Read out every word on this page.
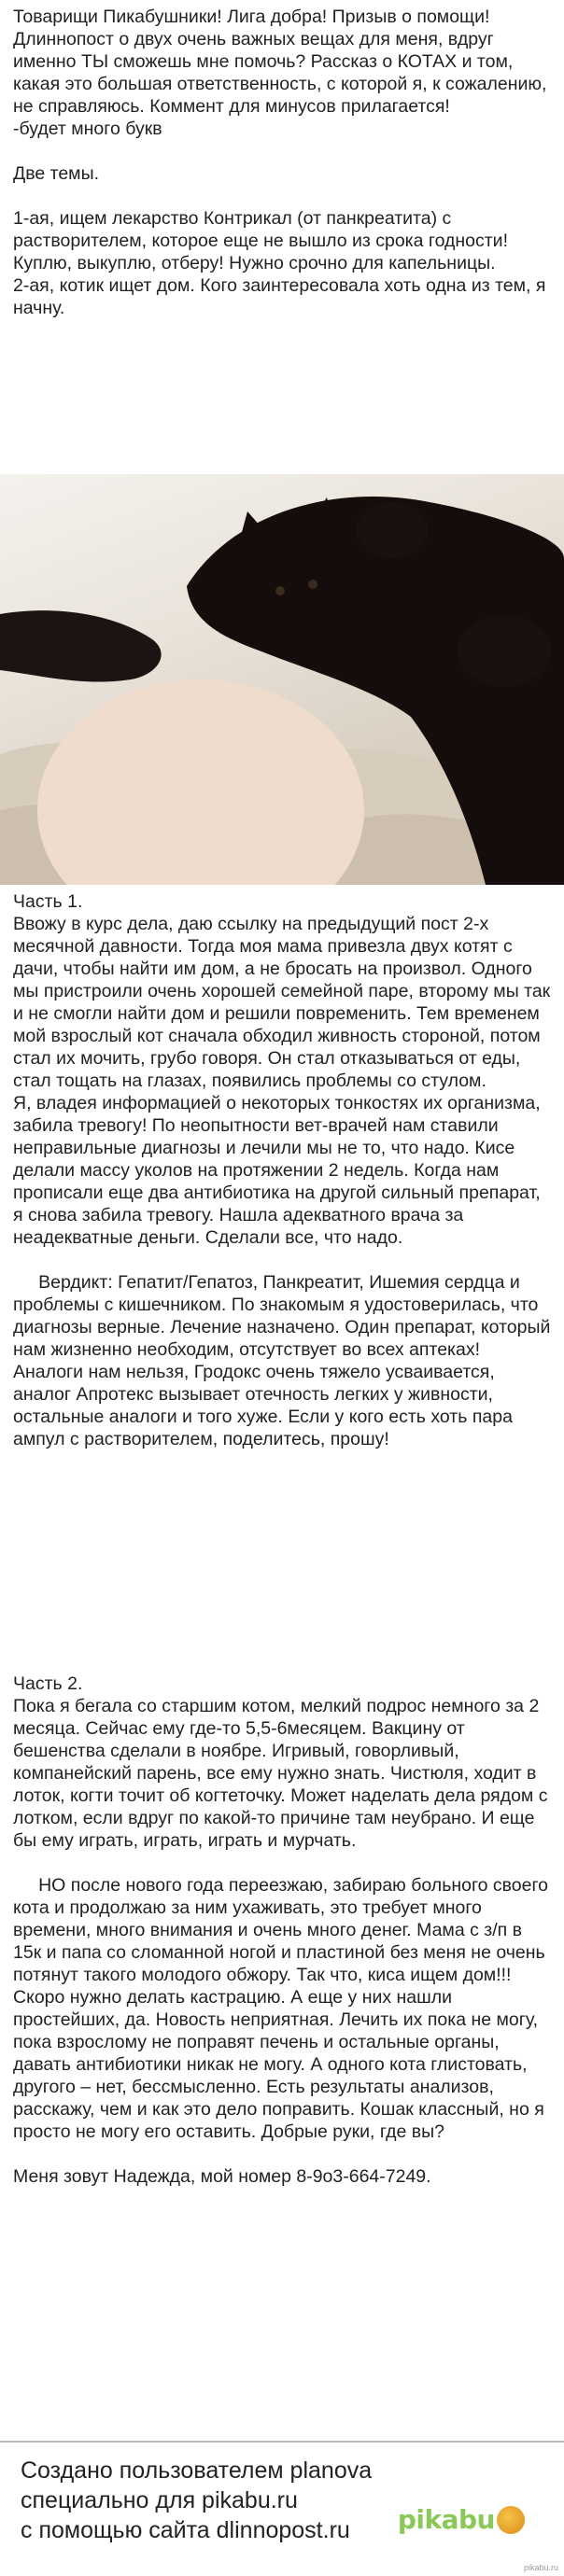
Товарищи Пикабушники! Лига добра! Призыв о помощи!
Длиннопост о двух очень важных вещах для меня, вдруг именно ТЫ сможешь мне помочь? Рассказ о КОТАХ и том, какая это большая ответственность, с которой я, к сожалению, не справляюсь. Коммент для минусов прилагается!
-будет много букв

Две темы.

1-ая, ищем лекарство Контрикал (от панкреатита) с растворителем, которое еще не вышло из срока годности! Куплю, выкуплю, отберу! Нужно срочно для капельницы.
2-ая, котик ищет дом. Кого заинтересовала хоть одна из тем, я начну.

Часть 1.
Ввожу в курс дела, даю ссылку на предыдущий пост 2-х месячной давности. Тогда моя мама привезла двух котят с дачи, чтобы найти им дом, а не бросать на произвол. Одного мы пристроили очень хорошей семейной паре, второму мы так и не смогли найти дом и решили повременить. Тем временем мой взрослый кот сначала обходил живность стороной, потом стал их мочить, грубо говоря. Он стал отказываться от еды, стал тощать на глазах, появились проблемы со стулом.
Я, владея информацией о некоторых тонкостях их организма, забила тревогу! По неопытности вет-врачей нам ставили неправильные диагнозы и лечили мы не то, что надо. Кисе делали массу уколов на протяжении 2 недель. Когда нам прописали еще два антибиотика на другой сильный препарат, я снова забила тревогу. Нашла адекватного врача за неадекватные деньги. Сделали все, что надо.

Вердикт: Гепатит/Гепатоз, Панкреатит, Ишемия сердца и проблемы с кишечником. По знакомым я удостоверилась, что диагнозы верные. Лечение назначено. Один препарат, который нам жизненно необходим, отсутствует во всех аптеках! Аналоги нам нельзя, Гродокс очень тяжело усваивается, аналог Апротекс вызывает отечность легких у живности, остальные аналоги и того хуже. Если у кого есть хоть пара ампул с растворителем, поделитесь, прошу!

Часть 2.
Пока я бегала со старшим котом, мелкий подрос немного за 2 месяца. Сейчас ему где-то 5,5-6месяцем. Вакцину от бешенства сделали в ноябре. Игривый, говорливый, компанейский парень, все ему нужно знать. Чистюля, ходит в лоток, когти точит об когтеточку. Может наделать дела рядом с лотком, если вдруг по какой-то причине там неубрано. И еще бы ему играть, играть, играть и мурчать.

НО после нового года переезжаю, забираю больного своего кота и продолжаю за ним ухаживать, это требует много времени, много внимания и очень много денег. Мама с з/п в 15к и папа со сломанной ногой и пластиной без меня не очень потянут такого молодого обжору. Так что, киса ищем дом!!! Скоро нужно делать кастрацию. А еще у них нашли простейших, да. Новость неприятная. Лечить их пока не могу, пока взрослому не поправят печень и остальные органы, давать антибиотики никак не могу. А одного кота глистовать, другого – нет, бессмысленно. Есть результаты анализов, расскажу, чем и как это дело поправить. Кошак классный, но я просто не могу его оставить. Добрые руки, где вы?

Меня зовут Надежда, мой номер 8-9о3-664-7249.

Создано пользователем planova
специально для pikabu.ru
с помощью сайта dlinnopost.ru	pikabu
pikabu.ru
